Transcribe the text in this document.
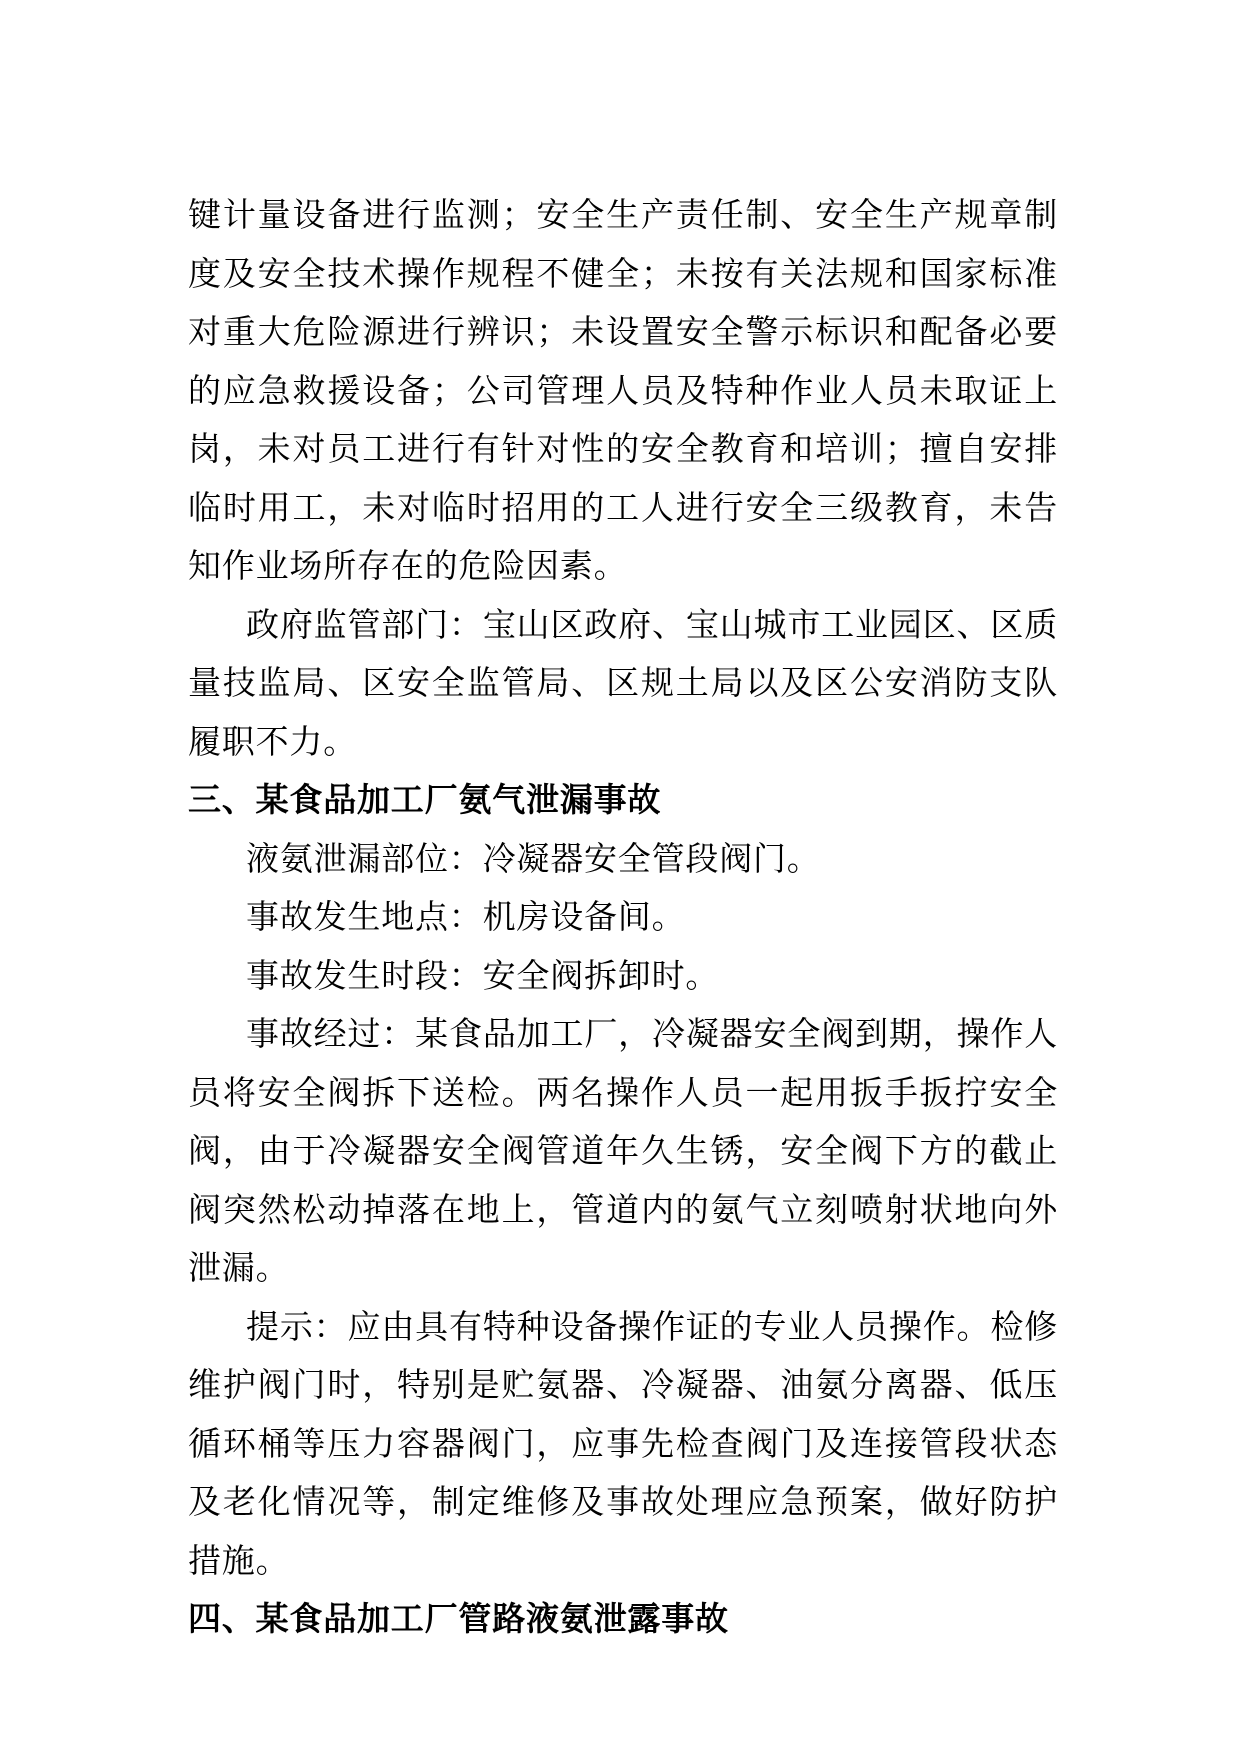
键计量设备进行监测；安全生产责任制、安全生产规章制度及安全技术操作规程不健全；未按有关法规和国家标准对重大危险源进行辨识；未设置安全警示标识和配备必要的应急救援设备；公司管理人员及特种作业人员未取证上岗，未对员工进行有针对性的安全教育和培训；擅自安排临时用工，未对临时招用的工人进行安全三级教育，未告知作业场所存在的危险因素。

政府监管部门：宝山区政府、宝山城市工业园区、区质量技监局、区安全监管局、区规土局以及区公安消防支队履职不力。

三、某食品加工厂氨气泄漏事故

液氨泄漏部位：冷凝器安全管段阀门。

事故发生地点：机房设备间。

事故发生时段：安全阀拆卸时。

事故经过：某食品加工厂，冷凝器安全阀到期，操作人员将安全阀拆下送检。两名操作人员一起用扳手扳拧安全阀，由于冷凝器安全阀管道年久生锈，安全阀下方的截止阀突然松动掉落在地上，管道内的氨气立刻喷射状地向外泄漏。

提示：应由具有特种设备操作证的专业人员操作。检修维护阀门时，特别是贮氨器、冷凝器、油氨分离器、低压循环桶等压力容器阀门，应事先检查阀门及连接管段状态及老化情况等，制定维修及事故处理应急预案，做好防护措施。

四、某食品加工厂管路液氨泄露事故
